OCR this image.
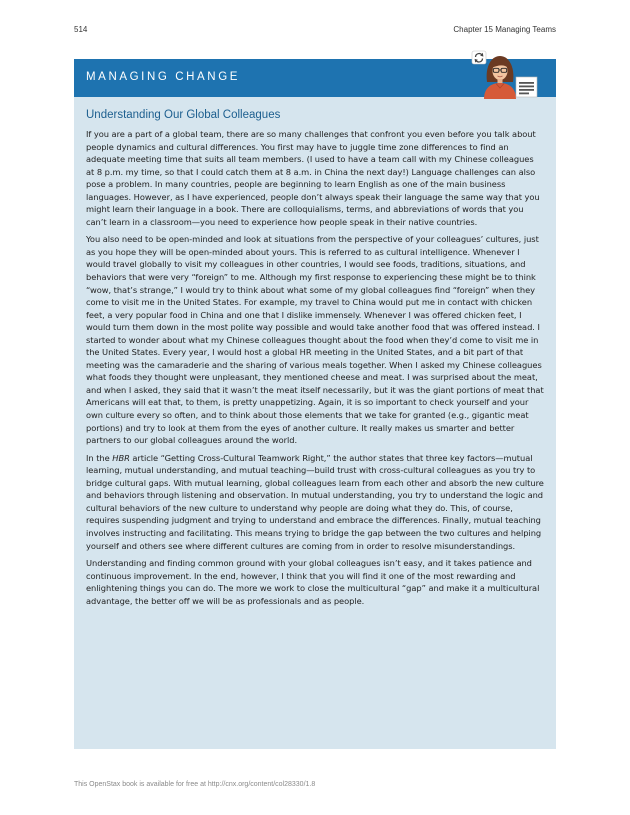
514	Chapter 15 Managing Teams
MANAGING CHANGE
Understanding Our Global Colleagues

If you are a part of a global team, there are so many challenges that confront you even before you talk about people dynamics and cultural differences. You first may have to juggle time zone differences to find an adequate meeting time that suits all team members. (I used to have a team call with my Chinese colleagues at 8 p.m. my time, so that I could catch them at 8 a.m. in China the next day!) Language challenges can also pose a problem. In many countries, people are beginning to learn English as one of the main business languages. However, as I have experienced, people don’t always speak their language the same way that you might learn their language in a book. There are colloquialisms, terms, and abbreviations of words that you can’t learn in a classroom—you need to experience how people speak in their native countries.

You also need to be open-minded and look at situations from the perspective of your colleagues’ cultures, just as you hope they will be open-minded about yours. This is referred to as cultural intelligence. Whenever I would travel globally to visit my colleagues in other countries, I would see foods, traditions, situations, and behaviors that were very “foreign” to me. Although my first response to experiencing these might be to think “wow, that’s strange,” I would try to think about what some of my global colleagues find “foreign” when they come to visit me in the United States. For example, my travel to China would put me in contact with chicken feet, a very popular food in China and one that I dislike immensely. Whenever I was offered chicken feet, I would turn them down in the most polite way possible and would take another food that was offered instead. I started to wonder about what my Chinese colleagues thought about the food when they’d come to visit me in the United States. Every year, I would host a global HR meeting in the United States, and a bit part of that meeting was the camaraderie and the sharing of various meals together. When I asked my Chinese colleagues what foods they thought were unpleasant, they mentioned cheese and meat. I was surprised about the meat, and when I asked, they said that it wasn’t the meat itself necessarily, but it was the giant portions of meat that Americans will eat that, to them, is pretty unappetizing. Again, it is so important to check yourself and your own culture every so often, and to think about those elements that we take for granted (e.g., gigantic meat portions) and try to look at them from the eyes of another culture. It really makes us smarter and better partners to our global colleagues around the world.

In the HBR article “Getting Cross-Cultural Teamwork Right,” the author states that three key factors—mutual learning, mutual understanding, and mutual teaching—build trust with cross-cultural colleagues as you try to bridge cultural gaps. With mutual learning, global colleagues learn from each other and absorb the new culture and behaviors through listening and observation. In mutual understanding, you try to understand the logic and cultural behaviors of the new culture to understand why people are doing what they do. This, of course, requires suspending judgment and trying to understand and embrace the differences. Finally, mutual teaching involves instructing and facilitating. This means trying to bridge the gap between the two cultures and helping yourself and others see where different cultures are coming from in order to resolve misunderstandings.

Understanding and finding common ground with your global colleagues isn’t easy, and it takes patience and continuous improvement. In the end, however, I think that you will find it one of the most rewarding and enlightening things you can do. The more we work to close the multicultural “gap” and make it a multicultural advantage, the better off we will be as professionals and as people.

This OpenStax book is available for free at http://cnx.org/content/col28330/1.8
